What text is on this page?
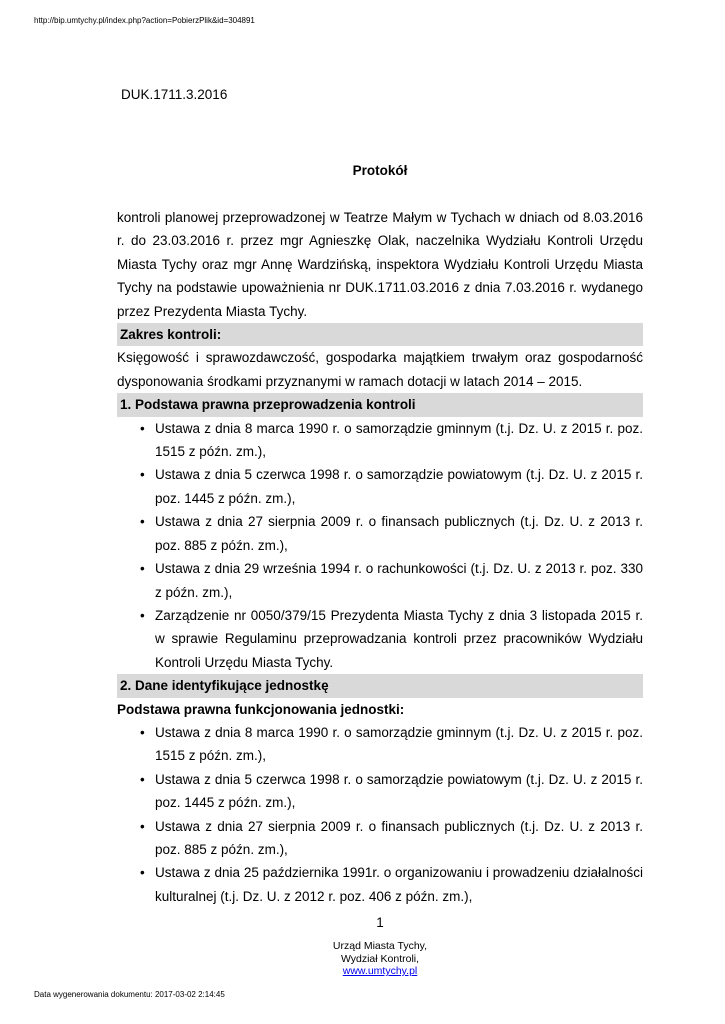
http://bip.umtychy.pl/index.php?action=PobierzPlik&id=304891
DUK.1711.3.2016
Protokół

kontroli planowej przeprowadzonej w Teatrze Małym w Tychach w dniach od 8.03.2016 r. do 23.03.2016 r. przez mgr Agnieszkę Olak, naczelnika Wydziału Kontroli Urzędu Miasta Tychy oraz mgr Annę Wardzińską, inspektora Wydziału Kontroli Urzędu Miasta Tychy na podstawie upoważnienia nr DUK.1711.03.2016 z dnia 7.03.2016 r. wydanego przez Prezydenta Miasta Tychy.

Zakres kontroli:

Księgowość i sprawozdawczość, gospodarka majątkiem trwałym oraz gospodarność dysponowania środkami przyznanymi w ramach dotacji w latach 2014 – 2015.

1. Podstawa prawna przeprowadzenia kontroli

• Ustawa z dnia 8 marca 1990 r. o samorządzie gminnym (t.j. Dz. U. z 2015 r. poz. 1515 z późn. zm.),
• Ustawa z dnia 5 czerwca 1998 r. o samorządzie powiatowym (t.j. Dz. U. z 2015 r. poz. 1445 z późn. zm.),
• Ustawa z dnia 27 sierpnia 2009 r. o finansach publicznych (t.j. Dz. U. z 2013 r. poz. 885 z późn. zm.),
• Ustawa z dnia 29 września 1994 r. o rachunkowości (t.j. Dz. U. z 2013 r. poz. 330 z późn. zm.),
• Zarządzenie nr 0050/379/15 Prezydenta Miasta Tychy z dnia 3 listopada 2015 r. w sprawie Regulaminu przeprowadzania kontroli przez pracowników Wydziału Kontroli Urzędu Miasta Tychy.

2. Dane identyfikujące jednostkę

Podstawa prawna funkcjonowania jednostki:

• Ustawa z dnia 8 marca 1990 r. o samorządzie gminnym (t.j. Dz. U. z 2015 r. poz. 1515 z późn. zm.),
• Ustawa z dnia 5 czerwca 1998 r. o samorządzie powiatowym (t.j. Dz. U. z 2015 r. poz. 1445 z późn. zm.),
• Ustawa z dnia 27 sierpnia 2009 r. o finansach publicznych (t.j. Dz. U. z 2013 r. poz. 885 z późn. zm.),
• Ustawa z dnia 25 października 1991r. o organizowaniu i prowadzeniu działalności kulturalnej (t.j. Dz. U. z 2012 r. poz. 406 z późn. zm.),
1
Urząd Miasta Tychy,
Wydział Kontroli,
www.umtychy.pl
Data wygenerowania dokumentu: 2017-03-02 2:14:45
